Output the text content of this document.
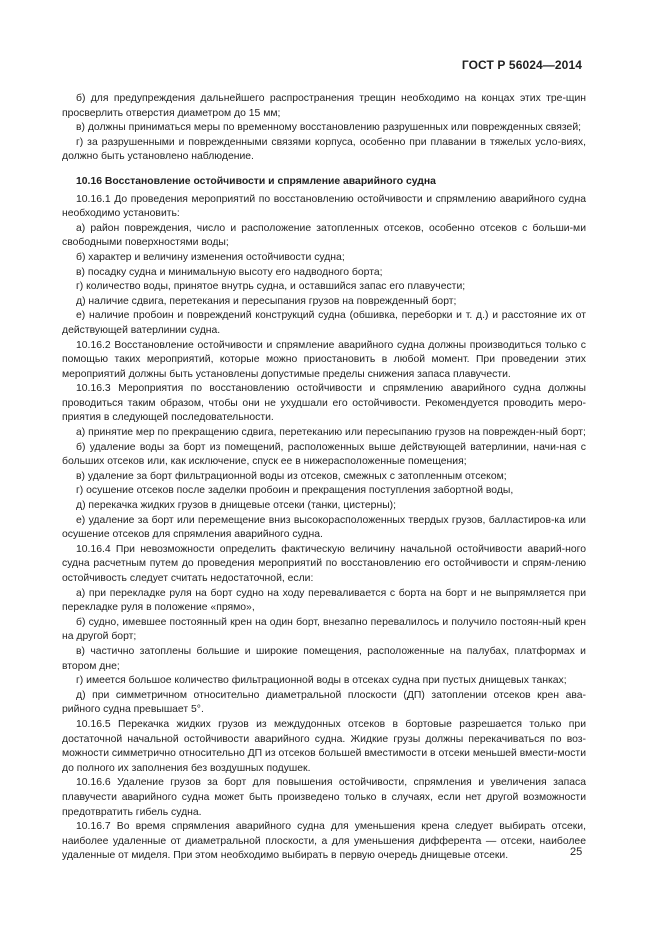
ГОСТ Р 56024—2014

б) для предупреждения дальнейшего распространения трещин необходимо на концах этих тре-щин просверлить отверстия диаметром до 15 мм;

в) должны приниматься меры по временному восстановлению разрушенных или поврежденных связей;

г) за разрушенными и поврежденными связями корпуса, особенно при плавании в тяжелых усло-виях, должно быть установлено наблюдение.

10.16 Восстановление остойчивости и спрямление аварийного судна

10.16.1 До проведения мероприятий по восстановлению остойчивости и спрямлению аварийного судна необходимо установить:

а) район повреждения, число и расположение затопленных отсеков, особенно отсеков с больши-ми свободными поверхностями воды;

б) характер и величину изменения остойчивости судна;

в) посадку судна и минимальную высоту его надводного борта;

г) количество воды, принятое внутрь судна, и оставшийся запас его плавучести;

д) наличие сдвига, перетекания и пересыпания грузов на поврежденный борт;

е) наличие пробоин и повреждений конструкций судна (обшивка, переборки и т. д.) и расстояние их от действующей ватерлинии судна.

10.16.2 Восстановление остойчивости и спрямление аварийного судна должны производиться только с помощью таких мероприятий, которые можно приостановить в любой момент. При проведении этих мероприятий должны быть установлены допустимые пределы снижения запаса плавучести.

10.16.3 Мероприятия по восстановлению остойчивости и спрямлению аварийного судна должны проводиться таким образом, чтобы они не ухудшали его остойчивости. Рекомендуется проводить меро-приятия в следующей последовательности.

а) принятие мер по прекращению сдвига, перетеканию или пересыпанию грузов на поврежден-ный борт;

б) удаление воды за борт из помещений, расположенных выше действующей ватерлинии, начи-ная с больших отсеков или, как исключение, спуск ее в нижерасположенные помещения;

в) удаление за борт фильтрационной воды из отсеков, смежных с затопленным отсеком;

г) осушение отсеков после заделки пробоин и прекращения поступления забортной воды,

д) перекачка жидких грузов в днищевые отсеки (танки, цистерны);

е) удаление за борт или перемещение вниз высокорасположенных твердых грузов, балластиров-ка или осушение отсеков для спрямления аварийного судна.

10.16.4 При невозможности определить фактическую величину начальной остойчивости аварий-ного судна расчетным путем до проведения мероприятий по восстановлению его остойчивости и спрям-лению остойчивость следует считать недостаточной, если:

а) при перекладке руля на борт судно на ходу переваливается с борта на борт и не выпрямляется при перекладке руля в положение «прямо»,

б) судно, имевшее постоянный крен на один борт, внезапно перевалилось и получило постоян-ный крен на другой борт;

в) частично затоплены большие и широкие помещения, расположенные на палубах, платформах и втором дне;

г) имеется большое количество фильтрационной воды в отсеках судна при пустых днищевых танках;

д) при симметричном относительно диаметральной плоскости (ДП) затоплении отсеков крен ава-рийного судна превышает 5°.

10.16.5 Перекачка жидких грузов из междудонных отсеков в бортовые разрешается только при достаточной начальной остойчивости аварийного судна. Жидкие грузы должны перекачиваться по воз-можности симметрично относительно ДП из отсеков большей вместимости в отсеки меньшей вмести-мости до полного их заполнения без воздушных подушек.

10.16.6 Удаление грузов за борт для повышения остойчивости, спрямления и увеличения запаса плавучести аварийного судна может быть произведено только в случаях, если нет другой возможности предотвратить гибель судна.

10.16.7 Во время спрямления аварийного судна для уменьшения крена следует выбирать отсеки, наиболее удаленные от диаметральной плоскости, а для уменьшения дифферента — отсеки, наиболее удаленные от миделя. При этом необходимо выбирать в первую очередь днищевые отсеки.	25
